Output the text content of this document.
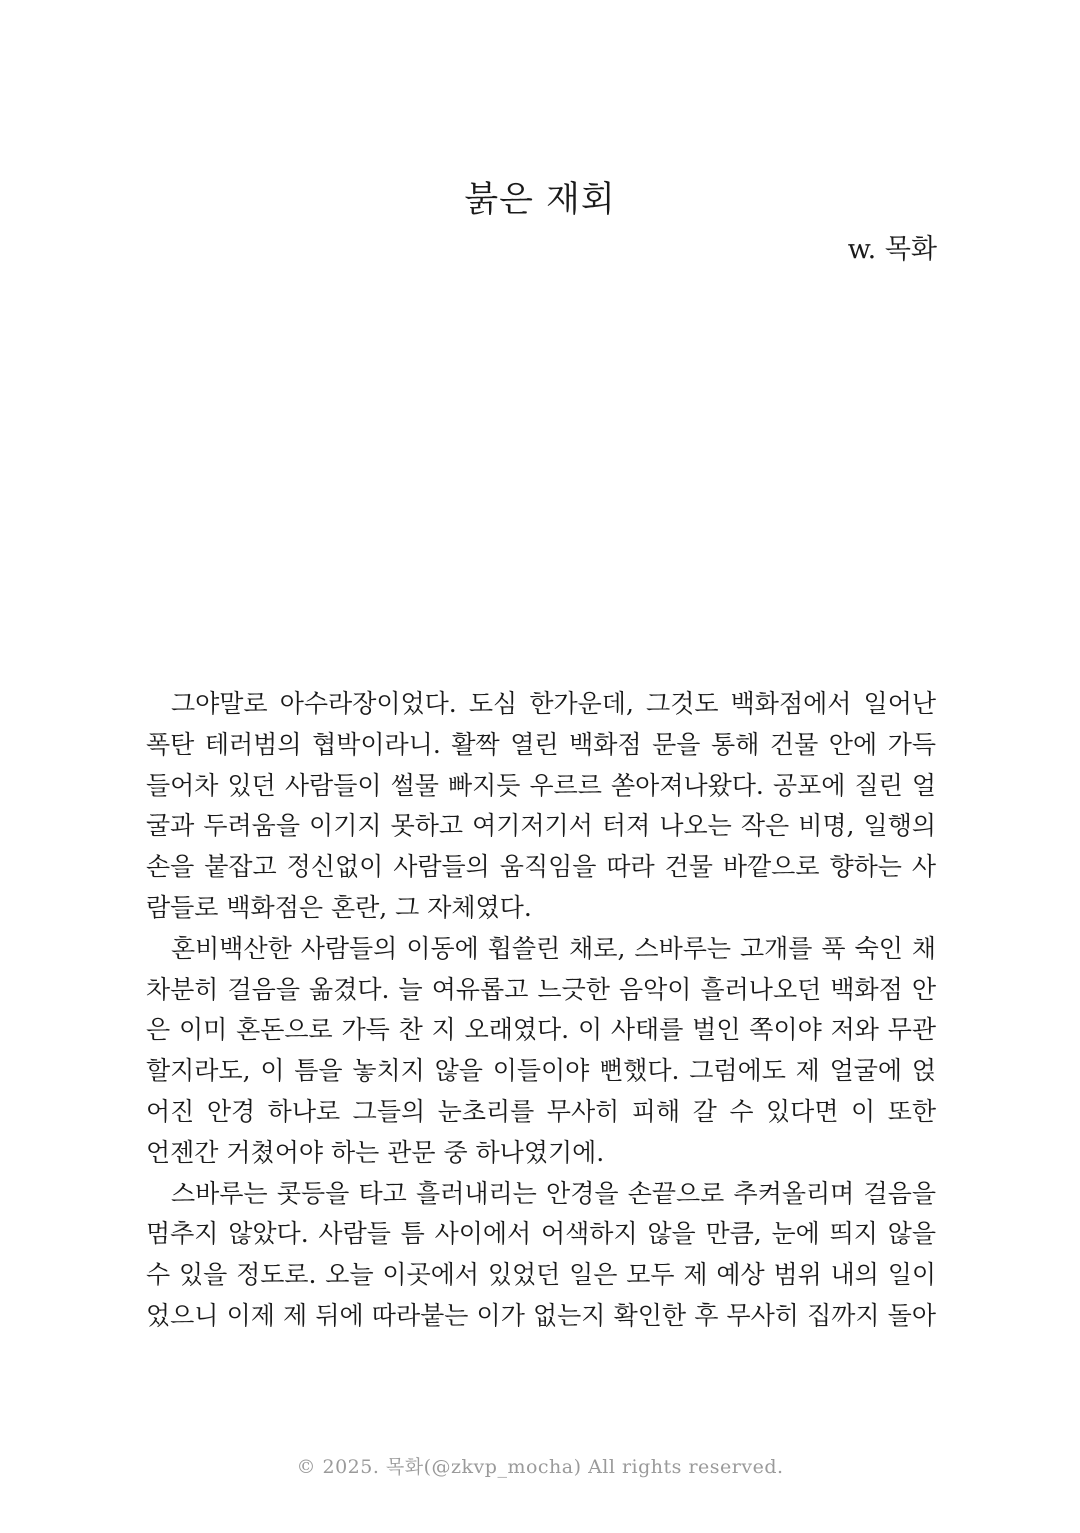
붉은 재회
w. 목화
그야말로 아수라장이었다. 도심 한가운데, 그것도 백화점에서 일어난
폭탄 테러범의 협박이라니. 활짝 열린 백화점 문을 통해 건물 안에 가득
들어차 있던 사람들이 썰물 빠지듯 우르르 쏟아져나왔다. 공포에 질린 얼
굴과 두려움을 이기지 못하고 여기저기서 터져 나오는 작은 비명, 일행의
손을 붙잡고 정신없이 사람들의 움직임을 따라 건물 바깥으로 향하는 사
람들로 백화점은 혼란, 그 자체였다.
혼비백산한 사람들의 이동에 휩쓸린 채로, 스바루는 고개를 푹 숙인 채
차분히 걸음을 옮겼다. 늘 여유롭고 느긋한 음악이 흘러나오던 백화점 안
은 이미 혼돈으로 가득 찬 지 오래였다. 이 사태를 벌인 쪽이야 저와 무관
할지라도, 이 틈을 놓치지 않을 이들이야 뻔했다. 그럼에도 제 얼굴에 얹
어진 안경 하나로 그들의 눈초리를 무사히 피해 갈 수 있다면 이 또한
언젠간 거쳤어야 하는 관문 중 하나였기에.
스바루는 콧등을 타고 흘러내리는 안경을 손끝으로 추켜올리며 걸음을
멈추지 않았다. 사람들 틈 사이에서 어색하지 않을 만큼, 눈에 띄지 않을
수 있을 정도로. 오늘 이곳에서 있었던 일은 모두 제 예상 범위 내의 일이
었으니 이제 제 뒤에 따라붙는 이가 없는지 확인한 후 무사히 집까지 돌아
© 2025. 목화(@zkvp_mocha) All rights reserved.
